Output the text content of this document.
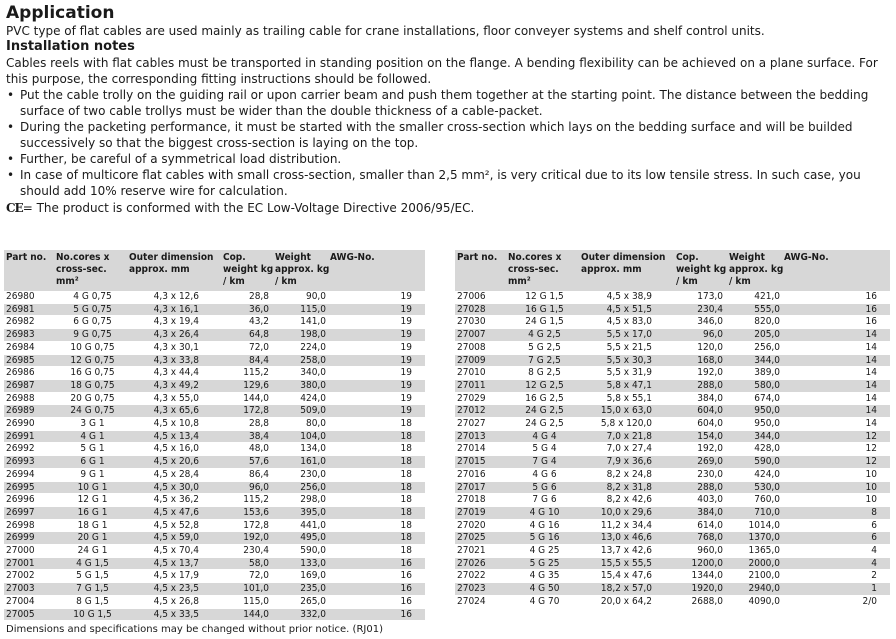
Application

PVC type of flat cables are used mainly as trailing cable for crane installations, floor conveyer systems and shelf control units.

Installation notes

Cables reels with flat cables must be transported in standing position on the flange. A bending flexibility can be achieved on a plane surface. For this purpose, the corresponding fitting instructions should be followed.

• Put the cable trolly on the guiding rail or upon carrier beam and push them together at the starting point. The distance between the bedding surface of two cable trollys must be wider than the double thickness of a cable-packet.
• During the packeting performance, it must be started with the smaller cross-section which lays on the bedding surface and will be builded successively so that the biggest cross-section is laying on the top.
• Further, be careful of a symmetrical load distribution.
• In case of multicore flat cables with small cross-section, smaller than 2,5 mm², is very critical due to its low tensile stress. In such case, you should add 10% reserve wire for calculation.
CE= The product is conformed with the EC Low-Voltage Directive 2006/95/EC.
Part no.	No.cores x cross-sec. mm²	Outer dimension approx. mm	Cop. weight kg / km	Weight approx. kg / km	AWG-No.
26980	4 G 0,75	4,3 x 12,6	28,8	90,0	19
26981	5 G 0,75	4,3 x 16,1	36,0	115,0	19
26982	6 G 0,75	4,3 x 19,4	43,2	141,0	19
26983	9 G 0,75	4,3 x 26,4	64,8	198,0	19
26984	10 G 0,75	4,3 x 30,1	72,0	224,0	19
26985	12 G 0,75	4,3 x 33,8	84,4	258,0	19
26986	16 G 0,75	4,3 x 44,4	115,2	340,0	19
26987	18 G 0,75	4,3 x 49,2	129,6	380,0	19
26988	20 G 0,75	4,3 x 55,0	144,0	424,0	19
26989	24 G 0,75	4,3 x 65,6	172,8	509,0	19
26990	3 G 1	4,5 x 10,8	28,8	80,0	18
26991	4 G 1	4,5 x 13,4	38,4	104,0	18
26992	5 G 1	4,5 x 16,0	48,0	134,0	18
26993	6 G 1	4,5 x 20,6	57,6	161,0	18
26994	9 G 1	4,5 x 28,4	86,4	230,0	18
26995	10 G 1	4,5 x 30,0	96,0	256,0	18
26996	12 G 1	4,5 x 36,2	115,2	298,0	18
26997	16 G 1	4,5 x 47,6	153,6	395,0	18
26998	18 G 1	4,5 x 52,8	172,8	441,0	18
26999	20 G 1	4,5 x 59,0	192,0	495,0	18
27000	24 G 1	4,5 x 70,4	230,4	590,0	18
27001	4 G 1,5	4,5 x 13,7	58,0	133,0	16
27002	5 G 1,5	4,5 x 17,9	72,0	169,0	16
27003	7 G 1,5	4,5 x 23,5	101,0	235,0	16
27004	8 G 1,5	4,5 x 26,8	115,0	265,0	16
27005	10 G 1,5	4,5 x 33,5	144,0	332,0	16
Part no.	No.cores x cross-sec. mm²	Outer dimension approx. mm	Cop. weight kg / km	Weight approx. kg / km	AWG-No.
27006	12 G 1,5	4,5 x 38,9	173,0	421,0	16
27028	16 G 1,5	4,5 x 51,5	230,4	555,0	16
27030	24 G 1,5	4,5 x 83,0	346,0	820,0	16
27007	4 G 2,5	5,5 x 17,0	96,0	205,0	14
27008	5 G 2,5	5,5 x 21,5	120,0	256,0	14
27009	7 G 2,5	5,5 x 30,3	168,0	344,0	14
27010	8 G 2,5	5,5 x 31,9	192,0	389,0	14
27011	12 G 2,5	5,8 x 47,1	288,0	580,0	14
27029	16 G 2,5	5,8 x 55,1	384,0	674,0	14
27012	24 G 2,5	15,0 x 63,0	604,0	950,0	14
27027	24 G 2,5	5,8 x 120,0	604,0	950,0	14
27013	4 G 4	7,0 x 21,8	154,0	344,0	12
27014	5 G 4	7,0 x 27,4	192,0	428,0	12
27015	7 G 4	7,9 x 36,6	269,0	590,0	12
27016	4 G 6	8,2 x 24,8	230,0	424,0	10
27017	5 G 6	8,2 x 31,8	288,0	530,0	10
27018	7 G 6	8,2 x 42,6	403,0	760,0	10
27019	4 G 10	10,0 x 29,6	384,0	710,0	8
27020	4 G 16	11,2 x 34,4	614,0	1014,0	6
27025	5 G 16	13,0 x 46,6	768,0	1370,0	6
27021	4 G 25	13,7 x 42,6	960,0	1365,0	4
27026	5 G 25	15,5 x 55,5	1200,0	2000,0	4
27022	4 G 35	15,4 x 47,6	1344,0	2100,0	2
27023	4 G 50	18,2 x 57,0	1920,0	2940,0	1
27024	4 G 70	20,0 x 64,2	2688,0	4090,0	2/0
Dimensions and specifications may be changed without prior notice. (RJ01)
